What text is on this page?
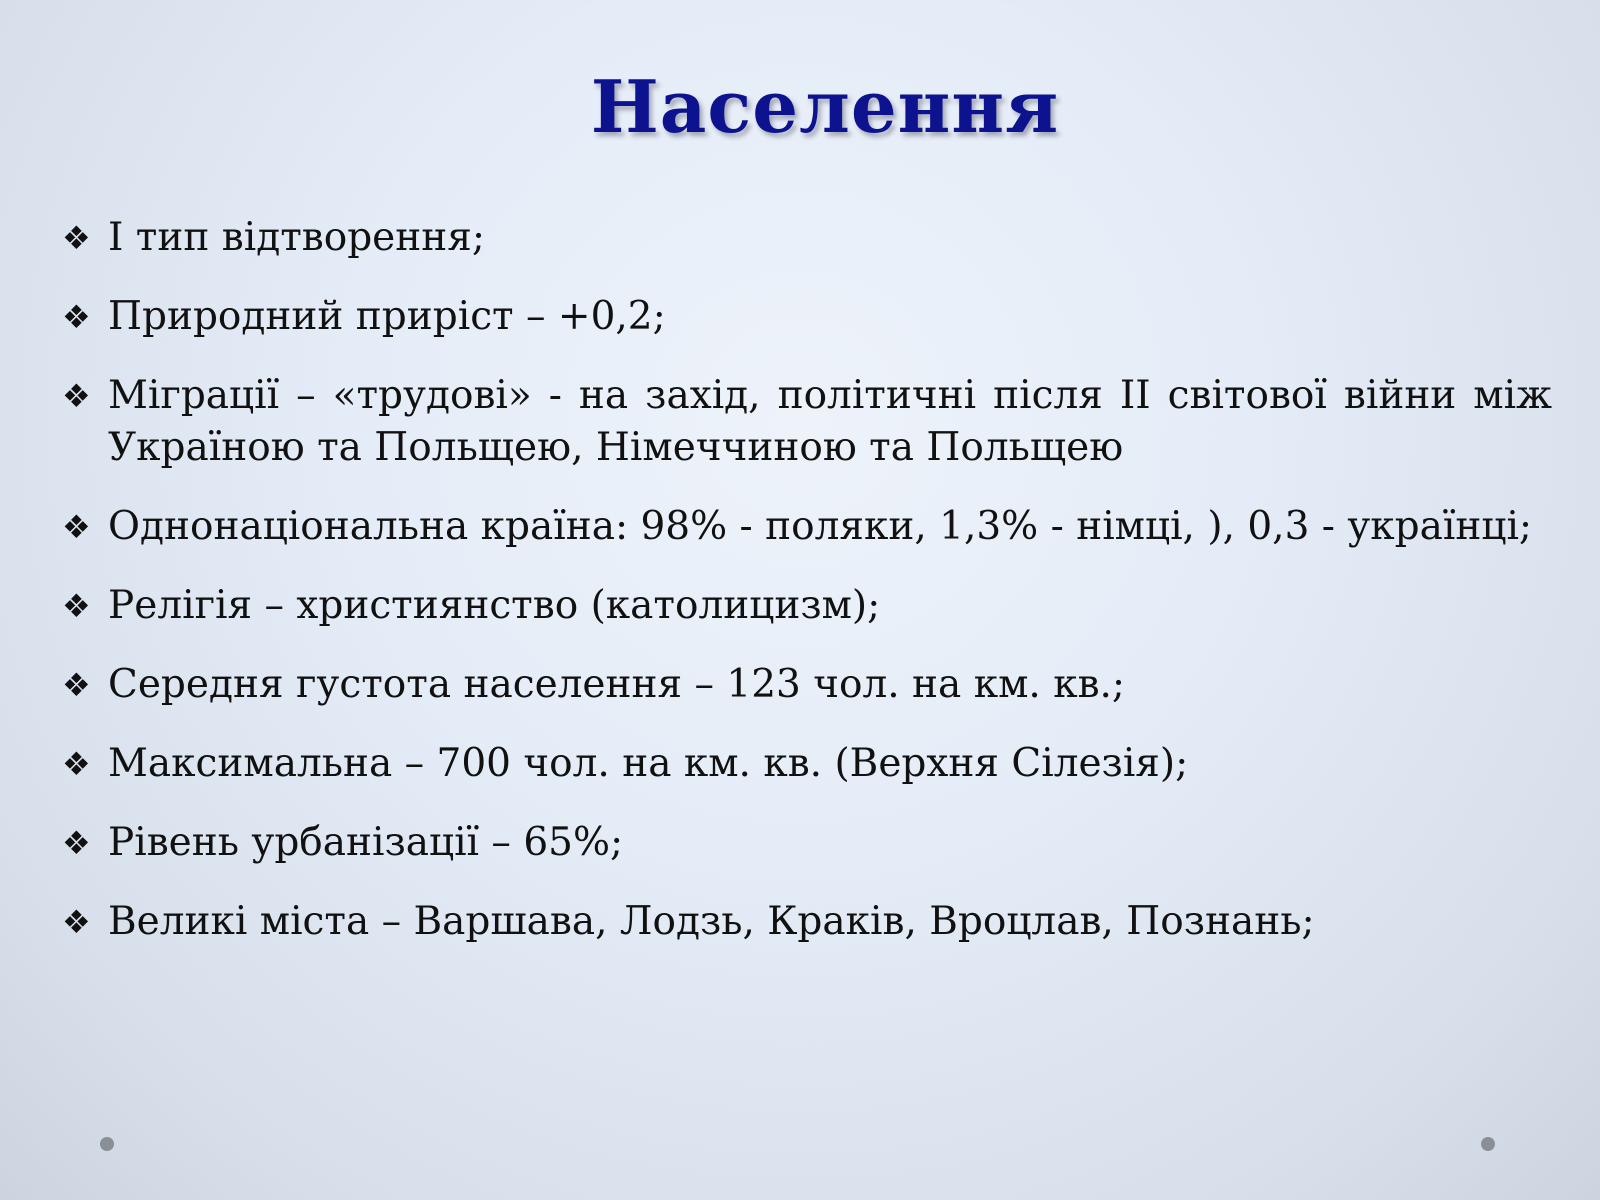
Населення
❖ І тип відтворення;
❖ Природний приріст – +0,2;
❖ Міграції – «трудові» - на захід, політичні після ІІ світової війни між Україною та Польщею, Німеччиною та Польщею
❖ Однонаціональна країна: 98% - поляки, 1,3% - німці, ), 0,3 - українці;
❖ Релігія – християнство (католицизм);
❖ Середня густота населення – 123 чол. на км. кв.;
❖ Максимальна – 700 чол. на км. кв. (Верхня Сілезія);
❖ Рівень урбанізації – 65%;
❖ Великі міста – Варшава, Лодзь, Краків, Вроцлав, Познань;
